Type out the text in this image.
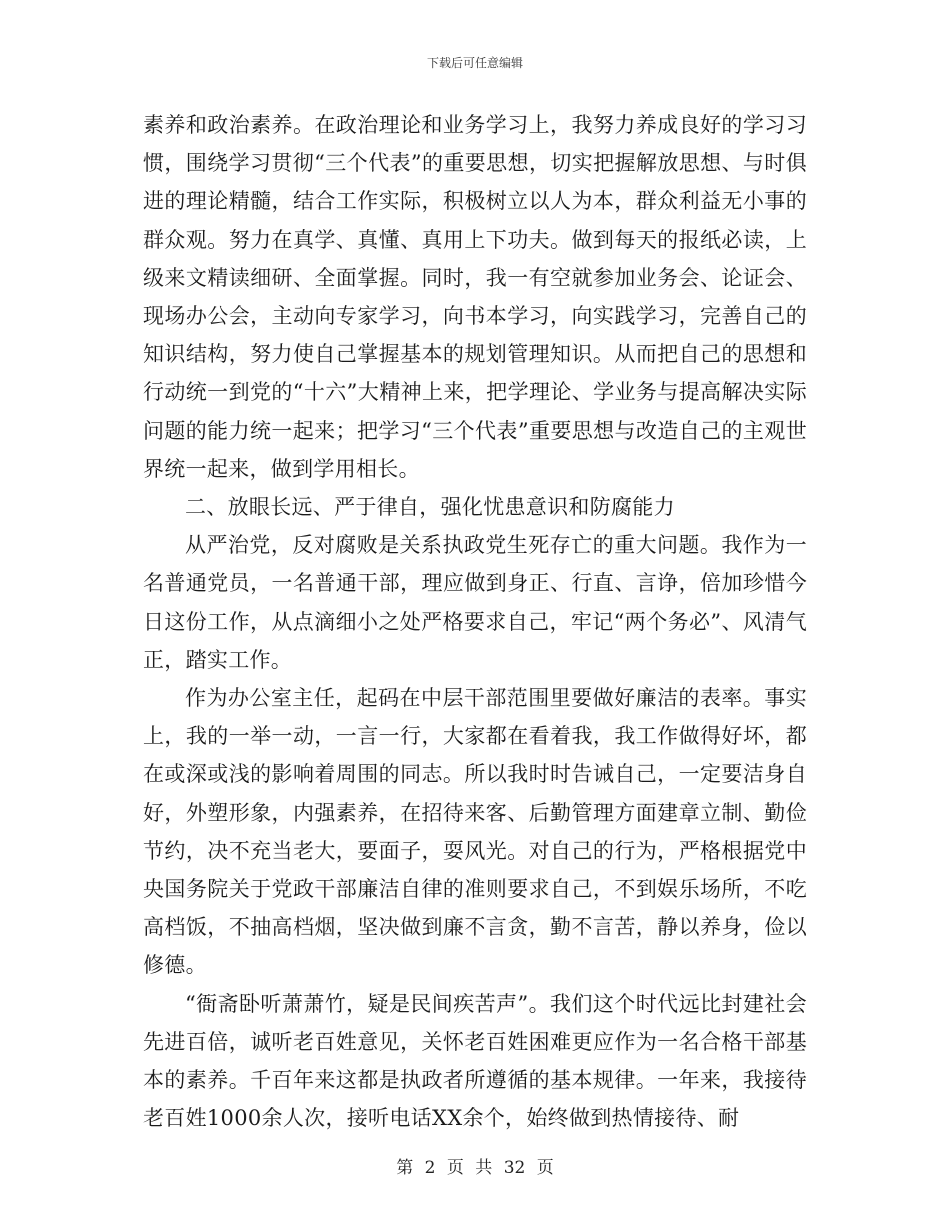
下载后可任意编辑

素养和政治素养。在政治理论和业务学习上，我努力养成良好的学习习惯，围绕学习贯彻“三个代表”的重要思想，切实把握解放思想、与时俱进的理论精髓，结合工作实际，积极树立以人为本，群众利益无小事的群众观。努力在真学、真懂、真用上下功夫。做到每天的报纸必读，上级来文精读细研、全面掌握。同时，我一有空就参加业务会、论证会、现场办公会，主动向专家学习，向书本学习，向实践学习，完善自己的知识结构，努力使自己掌握基本的规划管理知识。从而把自己的思想和行动统一到党的“十六”大精神上来，把学理论、学业务与提高解决实际问题的能力统一起来；把学习“三个代表”重要思想与改造自己的主观世界统一起来，做到学用相长。

二、放眼长远、严于律自，强化忧患意识和防腐能力

从严治党，反对腐败是关系执政党生死存亡的重大问题。我作为一名普通党员，一名普通干部，理应做到身正、行直、言诤，倍加珍惜今日这份工作，从点滴细小之处严格要求自己，牢记“两个务必”、风清气正，踏实工作。

作为办公室主任，起码在中层干部范围里要做好廉洁的表率。事实上，我的一举一动，一言一行，大家都在看着我，我工作做得好坏，都在或深或浅的影响着周围的同志。所以我时时告诫自己，一定要洁身自好，外塑形象，内强素养，在招待来客、后勤管理方面建章立制、勤俭节约，决不充当老大，要面子，耍风光。对自己的行为，严格根据党中央国务院关于党政干部廉洁自律的准则要求自己，不到娱乐场所，不吃高档饭，不抽高档烟，坚决做到廉不言贪，勤不言苦，静以养身，俭以修德。

“衙斋卧听萧萧竹，疑是民间疾苦声”。我们这个时代远比封建社会先进百倍，诚听老百姓意见，关怀老百姓困难更应作为一名合格干部基本的素养。千百年来这都是执政者所遵循的基本规律。一年来，我接待老百姓1000余人次，接听电话XX余个，始终做到热情接待、耐

第 2 页 共 32 页
